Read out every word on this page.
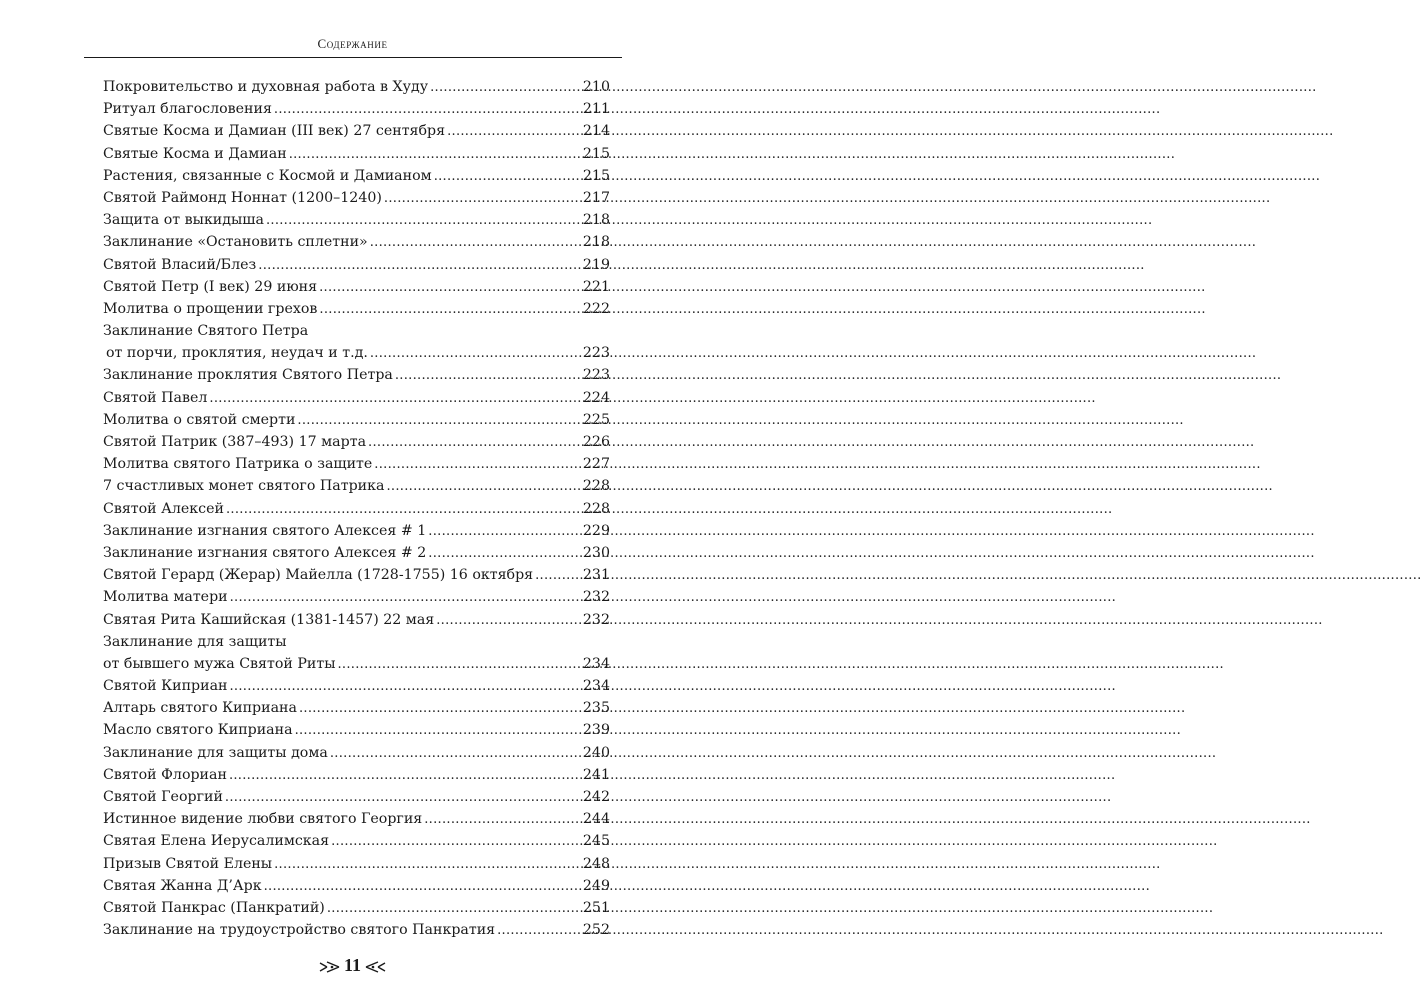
Содержание
Покровительство и духовная работа в Худу .....	210
Ритуал благословения .....	211
Святые Косма и Дамиан (III век) 27 сентября .....	214
Святые Косма и Дамиан .....	215
Растения, связанные с Космой и Дамианом .....	215
Святой Раймонд Ноннат (1200–1240) .....	217
Защита от выкидыша .....	218
Заклинание «Остановить сплетни» .....	218
Святой Власий/Блез .....	219
Святой Петр (I век) 29 июня .....	221
Молитва о прощении грехов .....	222
Заклинание Святого Петра
от порчи, проклятия, неудач и т.д. .....	223
Заклинание проклятия Святого Петра .....	223
Святой Павел .....	224
Молитва о святой смерти .....	225
Святой Патрик (387–493) 17 марта .....	226
Молитва святого Патрика о защите .....	227
7 счастливых монет святого Патрика .....	228
Святой Алексей .....	228
Заклинание изгнания святого Алексея # 1 .....	229
Заклинание изгнания святого Алексея # 2 .....	230
Святой Герард (Жерар) Майелла (1728-1755) 16 октября .....	231
Молитва матери .....	232
Святая Рита Кашийская (1381-1457) 22 мая .....	232
Заклинание для защиты
от бывшего мужа Святой Риты .....	234
Святой Киприан .....	234
Алтарь святого Киприана .....	235
Масло святого Киприана .....	239
Заклинание для защиты дома .....	240
Святой Флориан .....	241
Святой Георгий .....	242
Истинное видение любви святого Георгия .....	244
Святая Елена Иерусалимская .....	245
Призыв Святой Елены .....	248
Святая Жанна Д’Арк .....	249
Святой Панкрас (Панкратий) .....	251
Заклинание на трудоустройство святого Панкратия .....	252
11
